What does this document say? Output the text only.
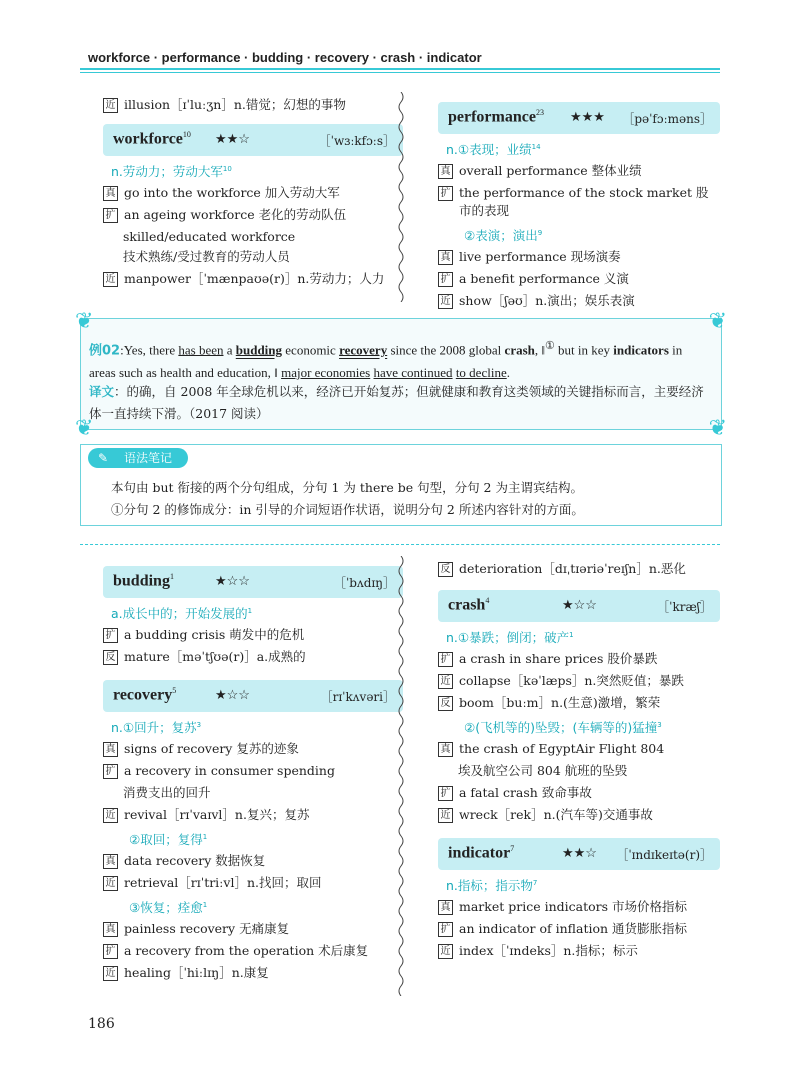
workforce · performance · budding · recovery · crash · indicator
近 illusion［ɪˈluːʒn］n.错觉；幻想的事物
workforce$^{10}$ ★★☆	［ˈwɜːkfɔːs］
n.劳动力；劳动大军$^{10}$
真 go into the workforce 加入劳动大军
扩 an ageing workforce 老化的劳动队伍
skilled/educated workforce
技术熟练/受过教育的劳动人员
近 manpower［ˈmænpaʊə(r)］n.劳动力；人力
performance$^{23}$ ★★★ ［pəˈfɔːməns］
n.①表现；业绩$^{14}$
真 overall performance 整体业绩
扩 the performance of the stock market 股市的表现
②表演；演出$^9$
真 live performance 现场演奏
扩 a benefit performance 义演
近 show［ʃəʊ］n.演出；娱乐表演
❦	❦
❦	❦
例02:Yes, there has been a budding economic recovery since the 2008 global crash, ‖① but in key indicators in areas such as health and education, ‖ major economies have continued to decline.
译文：的确，自 2008 年全球危机以来，经济已开始复苏；但就健康和教育这类领域的关键指标而言，主要经济体一直持续下滑。（2017 阅读）
本句由 but 衔接的两个分句组成，分句 1 为 there be 句型，分句 2 为主谓宾结构。
①分句 2 的修饰成分：in 引导的介词短语作状语，说明分句 2 所述内容针对的方面。
✎ 语法笔记
budding$^1$	★☆☆	［ˈbʌdɪŋ］
a.成长中的；开始发展的$^1$
扩 a budding crisis 萌发中的危机
反 mature［məˈtʃʊə(r)］a.成熟的
recovery$^5$	★☆☆	［rɪˈkʌvəri］
n.①回升；复苏$^3$
真 signs of recovery 复苏的迹象
扩 a recovery in consumer spending
消费支出的回升
近 revival［rɪˈvaɪvl］n.复兴；复苏
②取回；复得$^1$
真 data recovery 数据恢复
近 retrieval［rɪˈtriːvl］n.找回；取回
③恢复；痊愈$^1$
真 painless recovery 无痛康复
扩 a recovery from the operation 术后康复
近 healing［ˈhiːlɪŋ］n.康复
反 deterioration［dɪˌtɪəriəˈreɪʃn］n.恶化
crash$^4$	★☆☆	［ˈkræʃ］
n.①暴跌；倒闭；破产$^1$
扩 a crash in share prices 股价暴跌
近 collapse［kəˈlæps］n.突然贬值；暴跌
反 boom［buːm］n.(生意)激增，繁荣
②(飞机等的)坠毁；(车辆等的)猛撞$^3$
真 the crash of EgyptAir Flight 804
埃及航空公司 804 航班的坠毁
扩 a fatal crash 致命事故
近 wreck［rek］n.(汽车等)交通事故
indicator$^7$	★★☆ ［ˈɪndɪkeɪtə(r)］
n.指标；指示物$^7$
真 market price indicators 市场价格指标
扩 an indicator of inflation 通货膨胀指标
近 index［ˈɪndeks］n.指标；标示
186
